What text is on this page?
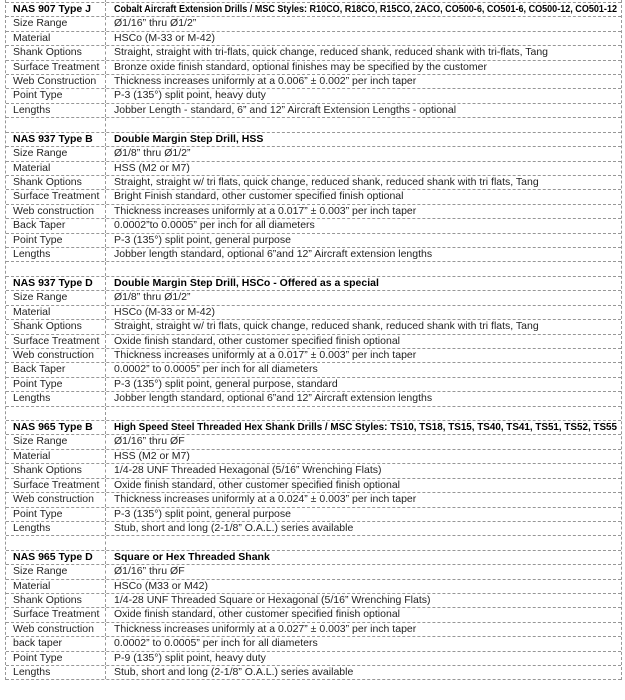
NAS 907 Type J	Cobalt Aircraft Extension Drills / MSC Styles: R10CO, R18CO, R15CO, 2ACO, CO500-6, CO501-6, CO500-12, CO501-12
Size Range	Ø1/16” thru Ø1/2”
Material	HSCo (M-33 or M-42)
Shank Options	Straight, straight with tri-flats, quick change, reduced shank, reduced shank with tri-flats, Tang
Surface Treatment	Bronze oxide finish standard, optional finishes may be specified by the customer
Web Construction	Thickness increases uniformly at a 0.006” ± 0.002” per inch taper
Point Type	P-3 (135°) split point, heavy duty
Lengths	Jobber Length - standard, 6” and 12” Aircraft Extension Lengths - optional
NAS 937 Type B	Double Margin Step Drill, HSS
Size Range	Ø1/8” thru Ø1/2”
Material	HSS (M2 or M7)
Shank Options	Straight, straight w/ tri flats, quick change, reduced shank, reduced shank with tri flats, Tang
Surface Treatment	Bright Finish standard, other customer specified finish optional
Web construction	Thickness increases uniformly at a 0.017” ± 0.003” per inch taper
Back Taper	0.0002”to 0.0005” per inch for all diameters
Point Type	P-3 (135°) split point, general purpose
Lengths	Jobber length standard, optional 6”and 12” Aircraft extension lengths
NAS 937 Type D	Double Margin Step Drill, HSCo - Offered as a special
Size Range	Ø1/8” thru Ø1/2”
Material	HSCo (M-33 or M-42)
Shank Options	Straight, straight w/ tri flats, quick change, reduced shank, reduced shank with tri flats, Tang
Surface Treatment	Oxide finish standard, other customer specified finish optional
Web construction	Thickness increases uniformly at a 0.017” ± 0.003” per inch taper
Back Taper	0.0002” to 0.0005” per inch for all diameters
Point Type	P-3 (135°) split point, general purpose, standard
Lengths	Jobber length standard, optional 6”and 12” Aircraft extension lengths
NAS 965 Type B	High Speed Steel Threaded Hex Shank Drills / MSC Styles: TS10, TS18, TS15, TS40, TS41, TS51, TS52, TS55
Size Range	Ø1/16” thru ØF
Material	HSS (M2 or M7)
Shank Options	1/4-28 UNF Threaded Hexagonal (5/16” Wrenching Flats)
Surface Treatment	Oxide finish standard, other customer specified finish optional
Web construction	Thickness increases uniformly at a 0.024” ± 0.003” per inch taper
Point Type	P-3 (135°) split point, general purpose
Lengths	Stub, short and long (2-1/8” O.A.L.) series available
NAS 965 Type D	Square or Hex Threaded Shank
Size Range	Ø1/16” thru ØF
Material	HSCo (M33 or M42)
Shank Options	1/4-28 UNF Threaded Square or Hexagonal (5/16” Wrenching Flats)
Surface Treatment	Oxide finish standard, other customer specified finish optional
Web construction	Thickness increases uniformly at a 0.027” ± 0.003” per inch taper
back taper	0.0002” to 0.0005” per inch for all diameters
Point Type	P-9 (135°) split point, heavy duty
Lengths	Stub, short and long (2-1/8” O.A.L.) series available
